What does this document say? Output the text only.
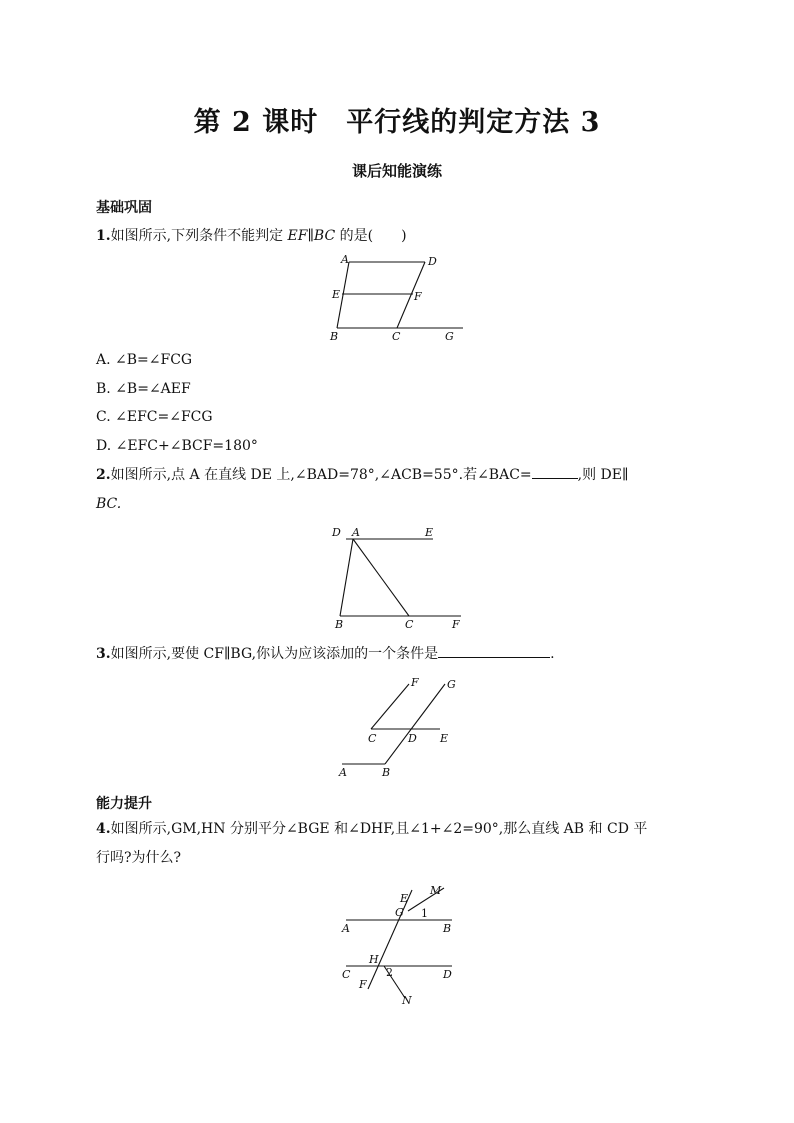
第 2 课时　平行线的判定方法 3
课后知能演练
基础巩固
1.如图所示,下列条件不能判定 EF∥BC 的是(　　)
A	D
E	F
B	C	G
A. ∠B=∠FCG
B. ∠B=∠AEF
C. ∠EFC=∠FCG
D. ∠EFC+∠BCF=180°
2.如图所示,点 A 在直线 DE 上,∠BAD=78°,∠ACB=55°.若∠BAC=	,则 DE∥
BC.
D A	E
B	C	F
3.如图所示,要使 CF∥BG,你认为应该添加的一个条件是	.
F	G
C	D E
A	B
能力提升
4.如图所示,GM,HN 分别平分∠BGE 和∠DHF,且∠1+∠2=90°,那么直线 AB 和 CD 平
行吗?为什么?
E
M
G 1
A	B
H
2
C	D
F
N
